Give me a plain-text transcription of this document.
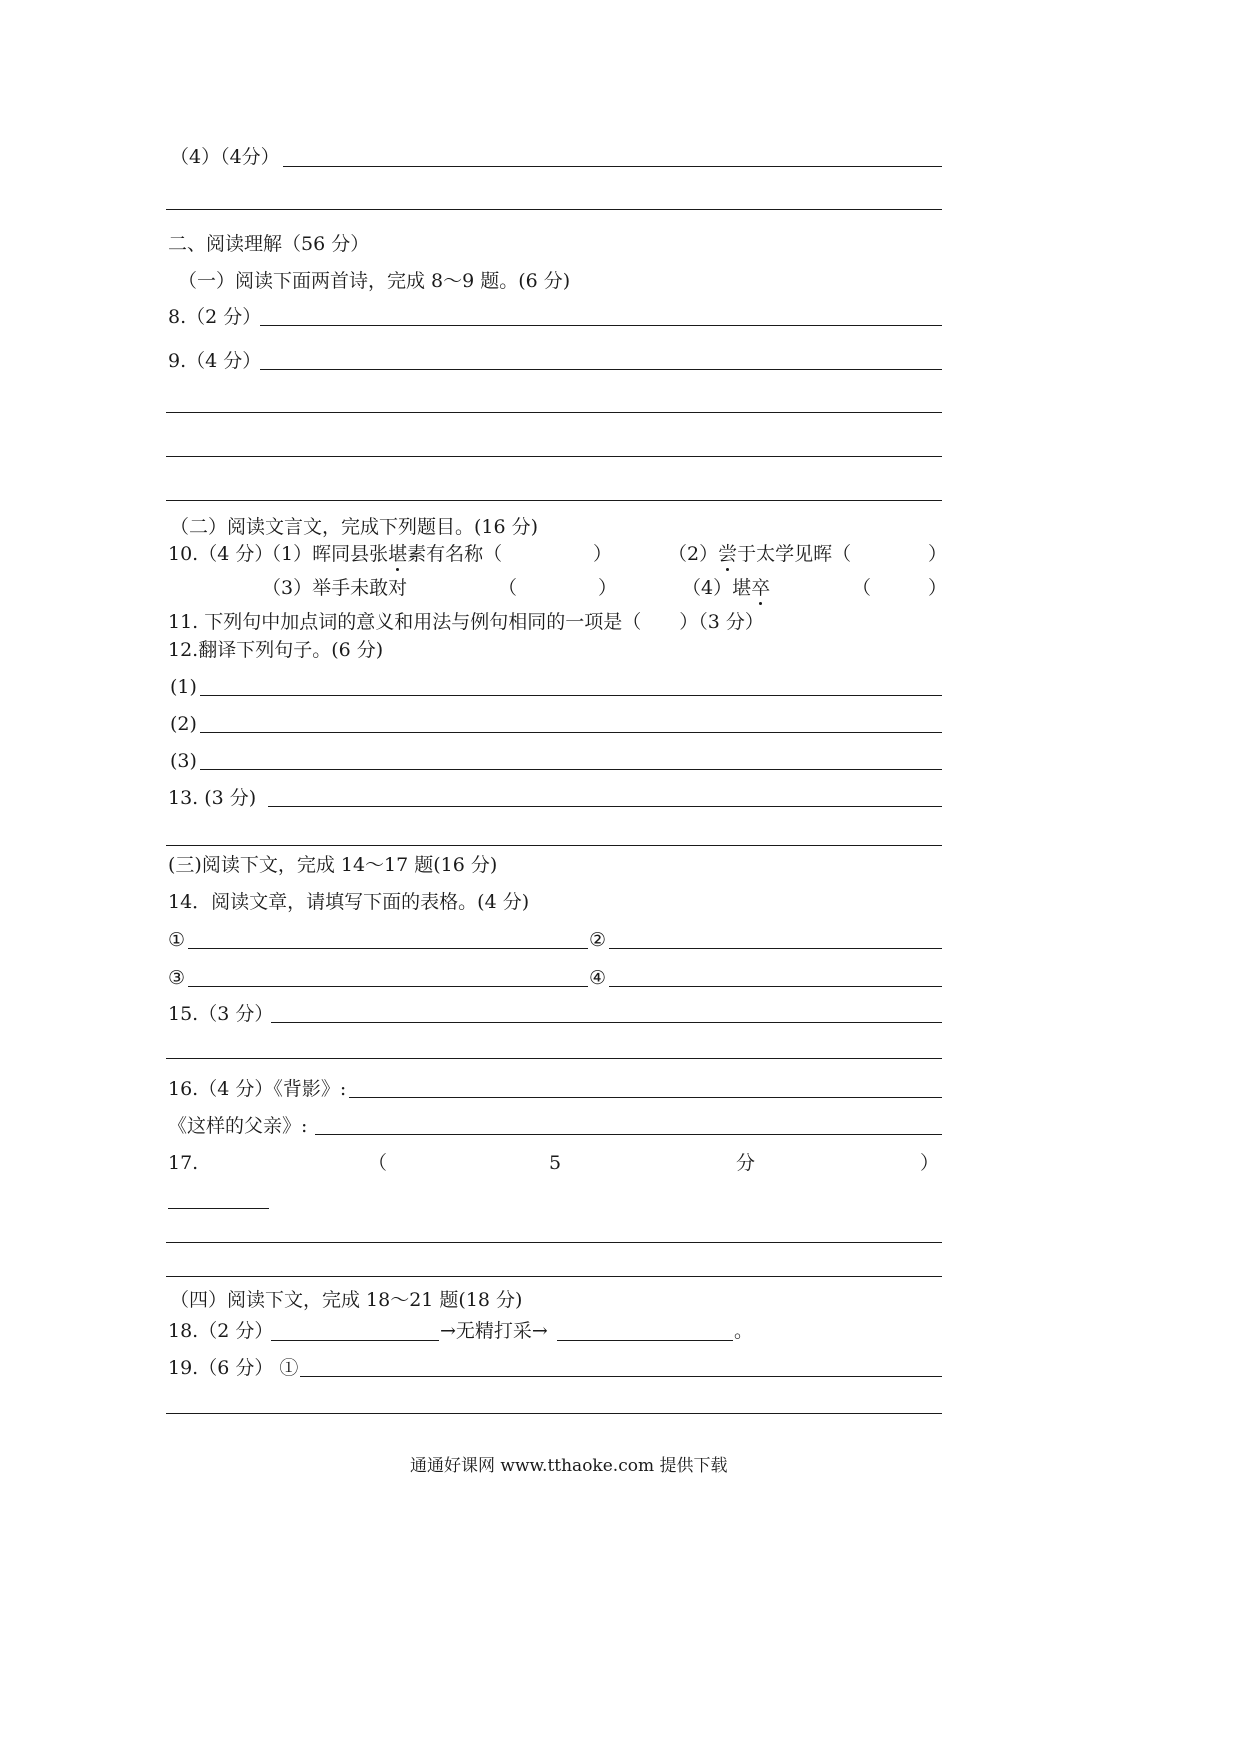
（4）（4分）
二、阅读理解（56 分）
（一）阅读下面两首诗，完成 8～9 题。(6 分)
8.（2 分）
9.（4 分）
（二）阅读文言文，完成下列题目。(16 分)
10.（4 分）
（1）晖同县张堪素有名称（	）	（2）尝于太学见晖（	）
（3）举手未敢对	（	）	（4）堪卒	（	）
11. 下列句中加点词的意义和用法与例句相同的一项是（　　）（3 分）
12.翻译下列句子。(6 分)
(1)
(2)
(3)
13. (3 分)
(三)阅读下文，完成 14～17 题(16 分)
14．阅读文章，请填写下面的表格。(4 分)
①	②
③	④
15.（3 分）
16.（4 分）《背影》:
《这样的父亲》:
17.	（	5	分	）
（四）阅读下文，完成 18～21 题(18 分)
18.（2 分）	→无精打采→	。
19.（6 分） ①
通通好课网 www.tthaoke.com 提供下载
